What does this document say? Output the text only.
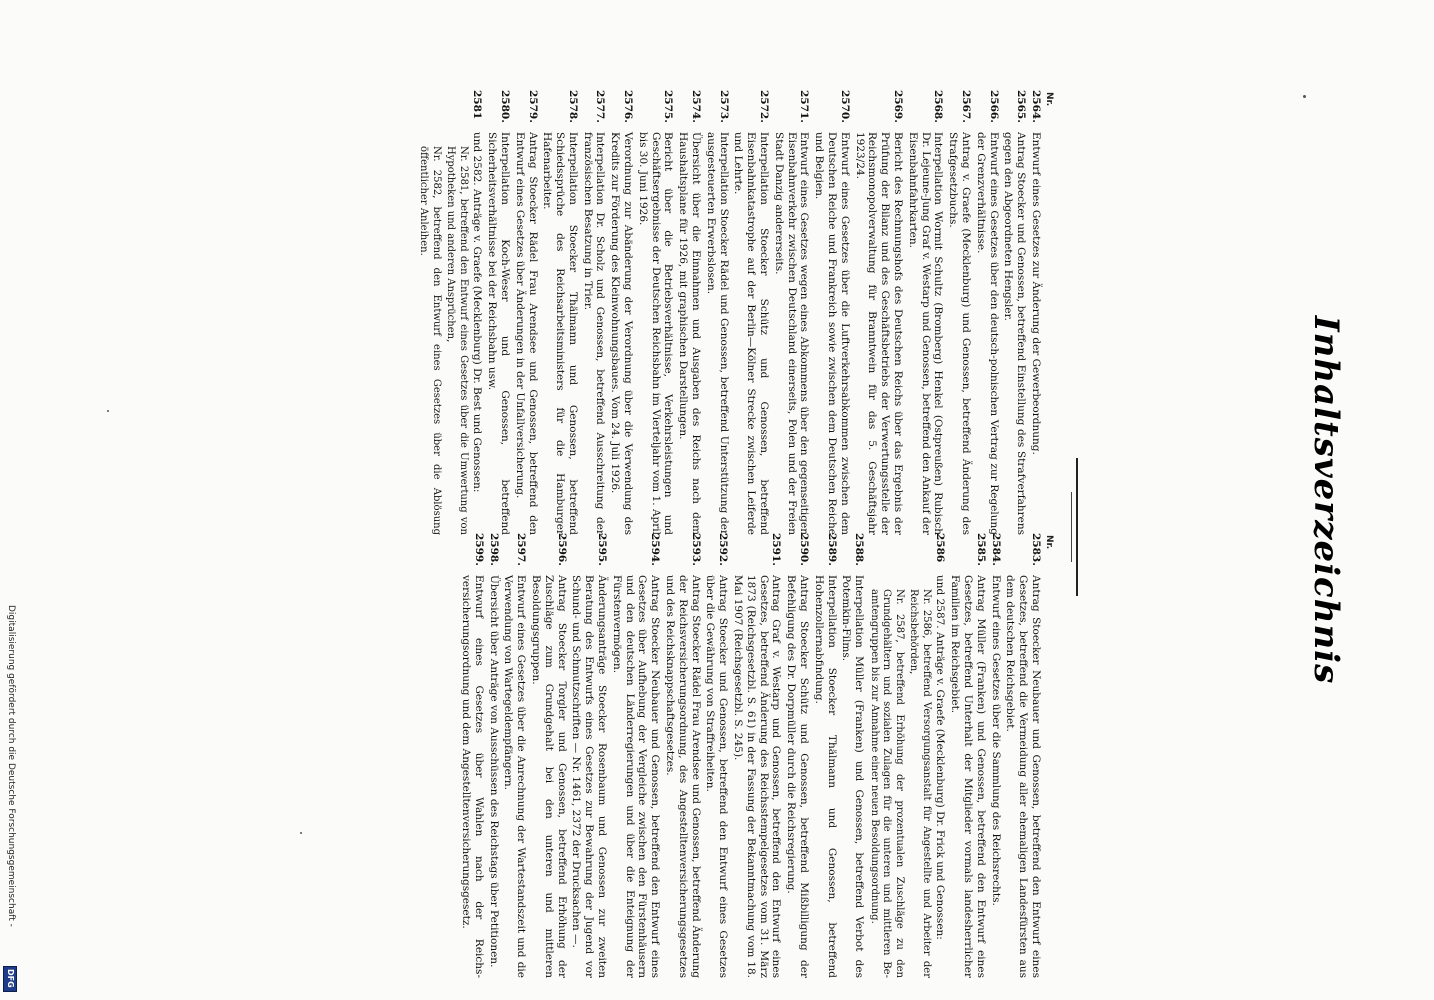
Inhaltsverzeichnis
Nr.
2564.
Entwurf eines Gesetzes zur Änderung der Gewerbeordnung.
2565.
Antrag Stoecker und Genossen, betreffend Einstellung des Strafverfahrens gegen den Abgeordneten Hengsler.
2566.
Entwurf eines Gesetzes über den deutsch-polnischen Vertrag zur Regelung der Grenzverhältnisse.
2567.
Antrag v. Graefe (Mecklenburg) und Genossen, betreffend Änderung des Strafgesetzbuchs.
2568.
Interpellation Wormit Schultz (Bromberg) Henkel (Ostpreußen) Rubisch Dr. Lejeune-Jung Graf v. Westarp und Genossen, betreffend den Ankauf der Eisenbahnfahrkarten.
2569.
Bericht des Rechnungshofs des Deutschen Reichs über das Ergebnis der Prüfung der Bilanz und des Geschäftsbetriebs der Verwertungsstelle der Reichsmonopolverwaltung für Branntwein für das 5. Geschäftsjahr 1923/24.
2570.
Entwurf eines Gesetzes über die Luftverkehrsabkommen zwischen dem Deutschen Reiche und Frankreich sowie zwischen dem Deutschen Reiche und Belgien.
2571.
Entwurf eines Gesetzes wegen eines Abkommens über den gegenseitigen Eisenbahnverkehr zwischen Deutschland einerseits, Polen und der Freien Stadt Danzig andererseits.
2572.
Interpellation Stoecker Schütz und Genossen, betreffend Eisenbahnkatastrophe auf der Berlin—Kölner Strecke zwischen Leiferde und Lehrte.
2573.
Interpellation Stoecker Rädel und Genossen, betreffend Unterstützung der ausgesteuerten Erwerbslosen.
2574.
Übersicht über die Einnahmen und Ausgaben des Reichs nach dem Haushaltsplane für 1926, mit graphischen Darstellungen.
2575.
Bericht über die Betriebsverhältnisse, Verkehrsleistungen und Geschäftsergebnisse der Deutschen Reichsbahn im Vierteljahr vom 1. April bis 30. Juni 1926.
2576.
Verordnung zur Abänderung der Verordnung über die Verwendung des Kredits zur Förderung des Kleinwohnungsbaues. Vom 24. Juli 1926.
2577.
Interpellation Dr. Scholz und Genossen, betreffend Ausschreitung der französischen Besatzung in Trier.
2578.
Interpellation Stoecker Thälmann und Genossen, betreffend Schiedssprüche des Reichsarbeitsministers für die Hamburger Hafenarbeiter.
2579.
Antrag Stoecker Rädel Frau Arendsee und Genossen, betreffend den Entwurf eines Gesetzes über Änderungen in der Unfallversicherung.
2580.
Interpellation Koch-Weser und Genossen, betreffend Sicherheitsverhältnisse bei der Reichsbahn usw.
2581
und 2582. Anträge v. Graefe (Mecklenburg) Dr. Best und Genossen:
Nr. 2581, betreffend den Entwurf eines Gesetzes über die Umwertung von Hypotheken und anderen Ansprüchen,
Nr. 2582, betreffend den Entwurf eines Gesetzes über die Ablösung öffentlicher Anleihen.
Nr.
2583.
Antrag Stoecker Neubauer und Genossen, betreffend den Entwurf eines Gesetzes, betreffend die Vermeidung aller ehemaligen Landesfürsten aus dem deutschen Reichsgebiet.
2584.
Entwurf eines Gesetzes über die Sammlung des Reichsrechts.
2585.
Antrag Müller (Franken) und Genossen, betreffend den Entwurf eines Gesetzes, betreffend Unterhalt der Mitglieder vormals landesherrlicher Familien im Reichsgebiet.
2586
und 2587. Anträge v. Graefe (Mecklenburg) Dr. Frick und Genossen:
Nr. 2586, betreffend Versorgungsanstalt für Angestellte und Arbeiter der Reichsbehörden,
Nr. 2587, betreffend Erhöhung der prozentualen Zuschläge zu den Grundgehältern und sozialen Zulagen für die unteren und mittleren Beamtengruppen bis zur Annahme einer neuen Besoldungsordnung.
2588.
Interpellation Müller (Franken) und Genossen, betreffend Verbot des Potemkin-Films.
2589.
Interpellation Stoecker Thälmann und Genossen, betreffend Hohenzollernabfindung.
2590.
Antrag Stoecker Schütz und Genossen, betreffend Mißbilligung der Befehligung des Dr. Dorpmüller durch die Reichsregierung.
2591.
Antrag Graf v. Westarp und Genossen, betreffend den Entwurf eines Gesetzes, betreffend Änderung des Reichsstempelgesetzes vom 31. März 1873 (Reichsgesetzbl. S. 61) in der Fassung der Bekanntmachung vom 18. Mai 1907 (Reichsgesetzbl. S. 245).
2592.
Antrag Stoecker und Genossen, betreffend den Entwurf eines Gesetzes über die Gewährung von Straffreiheiten.
2593.
Antrag Stoecker Rädel Frau Arendsee und Genossen, betreffend Änderung der Reichsversicherungsordnung, des Angestelltenversicherungsgesetzes und des Reichsknappschaftsgesetzes.
2594.
Antrag Stoecker Neubauer und Genossen, betreffend den Entwurf eines Gesetzes über Aufhebung der Vergleiche zwischen den Fürstenhäusern und den deutschen Länderregierungen und über die Enteignung der Fürstenvermögen.
2595.
Änderungsanträge Stoecker Rosenbaum und Genossen zur zweiten Beratung des Entwurfs eines Gesetzes zur Bewahrung der Jugend vor Schund- und Schmutzschriften — Nr. 1461, 2372 der Drucksachen —.
2596.
Antrag Stoecker Torgler und Genossen, betreffend Erhöhung der Zuschläge zum Grundgehalt bei den unteren und mittleren Besoldungsgruppen.
2597.
Entwurf eines Gesetzes über die Anrechnung der Wartestandszeit und die Verwendung von Wartegeldempfängern.
2598.
Übersicht über Anträge von Ausschüssen des Reichstags über Petitionen.
2599.
Entwurf eines Gesetzes über Wahlen nach der Reichsversicherungsordnung und dem Angestelltenversicherungsgesetz.
Digitalisierung gefördert durch die Deutsche Forschungsgemeinschaft -
DFG
